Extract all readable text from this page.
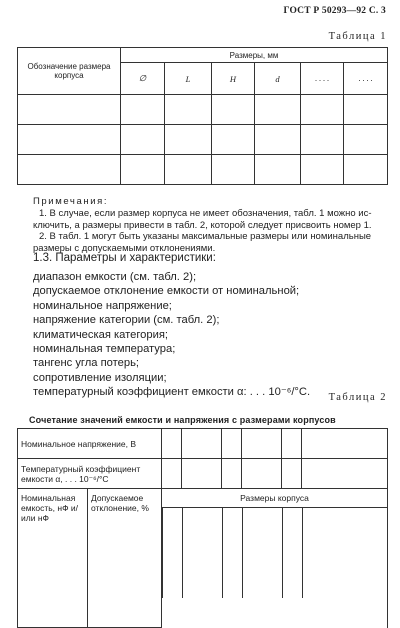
ГОСТ Р 50293—92 С. 3
Таблица 1
Обозначение размера корпуса	Размеры, мм					
	∅	L	H	d	. . . .	. . . .

Примечания:
1. В случае, если размер корпуса не имеет обозначения, табл. 1 можно ис-
ключить, а размеры привести в табл. 2, которой следует присвоить номер 1.
2. В табл. 1 могут быть указаны максимальные размеры или номинальные
размеры с допускаемыми отклонениями.
1.3. Параметры и характеристики:
диапазон емкости (см. табл. 2);
допускаемое отклонение емкости от номинальной;
номинальное напряжение;
напряжение категории (см. табл. 2);
климатическая категория;
номинальная температура;
тангенс угла потерь;
сопротивление изоляции;
температурный коэффициент емкости α: . . . 10⁻⁶/°С. Таблица 2
Сочетание значений емкости и напряжения с размерами корпусов
Номинальное напряжение, В							
Температурный коэффициент емкости α, . . . 10⁻⁶/°С							
Номинальная емкость, нФ и/или нФ	Допускаемое отклонение, %	Размеры корпуса					
